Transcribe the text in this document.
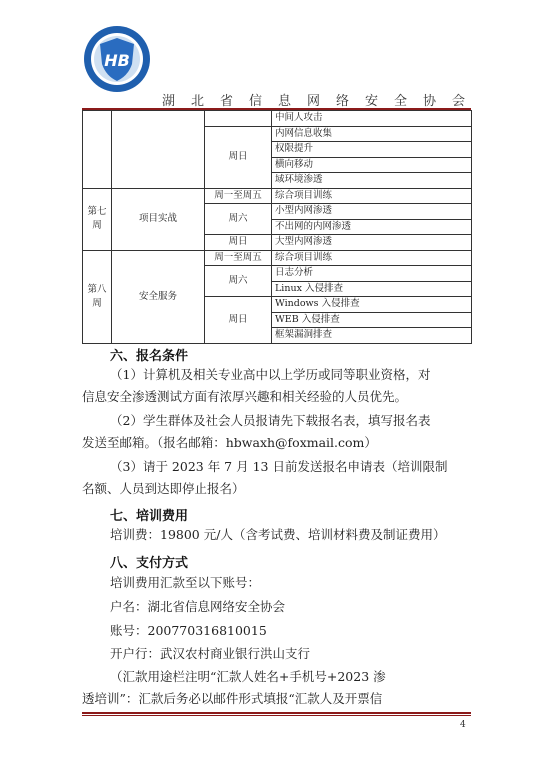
HB
湖北省信息网络安全协会
			中间人攻击
		周日	内网信息收集
			权限提升
			横向移动
			域环境渗透
第七周	项目实战	周一至周五	综合项目训练
		周六	小型内网渗透
			不出网的内网渗透
		周日	大型内网渗透
第八周	安全服务	周一至周五	综合项目训练
		周六	日志分析
			Linux 入侵排查
		周日	Windows 入侵排查
			WEB 入侵排查
			框架漏洞排查
六、报名条件
（1）计算机及相关专业高中以上学历或同等职业资格，对
信息安全渗透测试方面有浓厚兴趣和相关经验的人员优先。
（2）学生群体及社会人员报请先下载报名表，填写报名表
发送至邮箱。（报名邮箱：hbwaxh@foxmail.com）
（3）请于 2023 年 7 月 13 日前发送报名申请表（培训限制
名额、人员到达即停止报名）
七、培训费用
培训费：19800 元/人（含考试费、培训材料费及制证费用）
八、支付方式
培训费用汇款至以下账号：
户名：湖北省信息网络安全协会
账号：200770316810015
开户行：武汉农村商业银行洪山支行
（汇款用途栏注明“汇款人姓名+手机号+2023 渗
透培训”：汇款后务必以邮件形式填报“汇款人及开票信
4
